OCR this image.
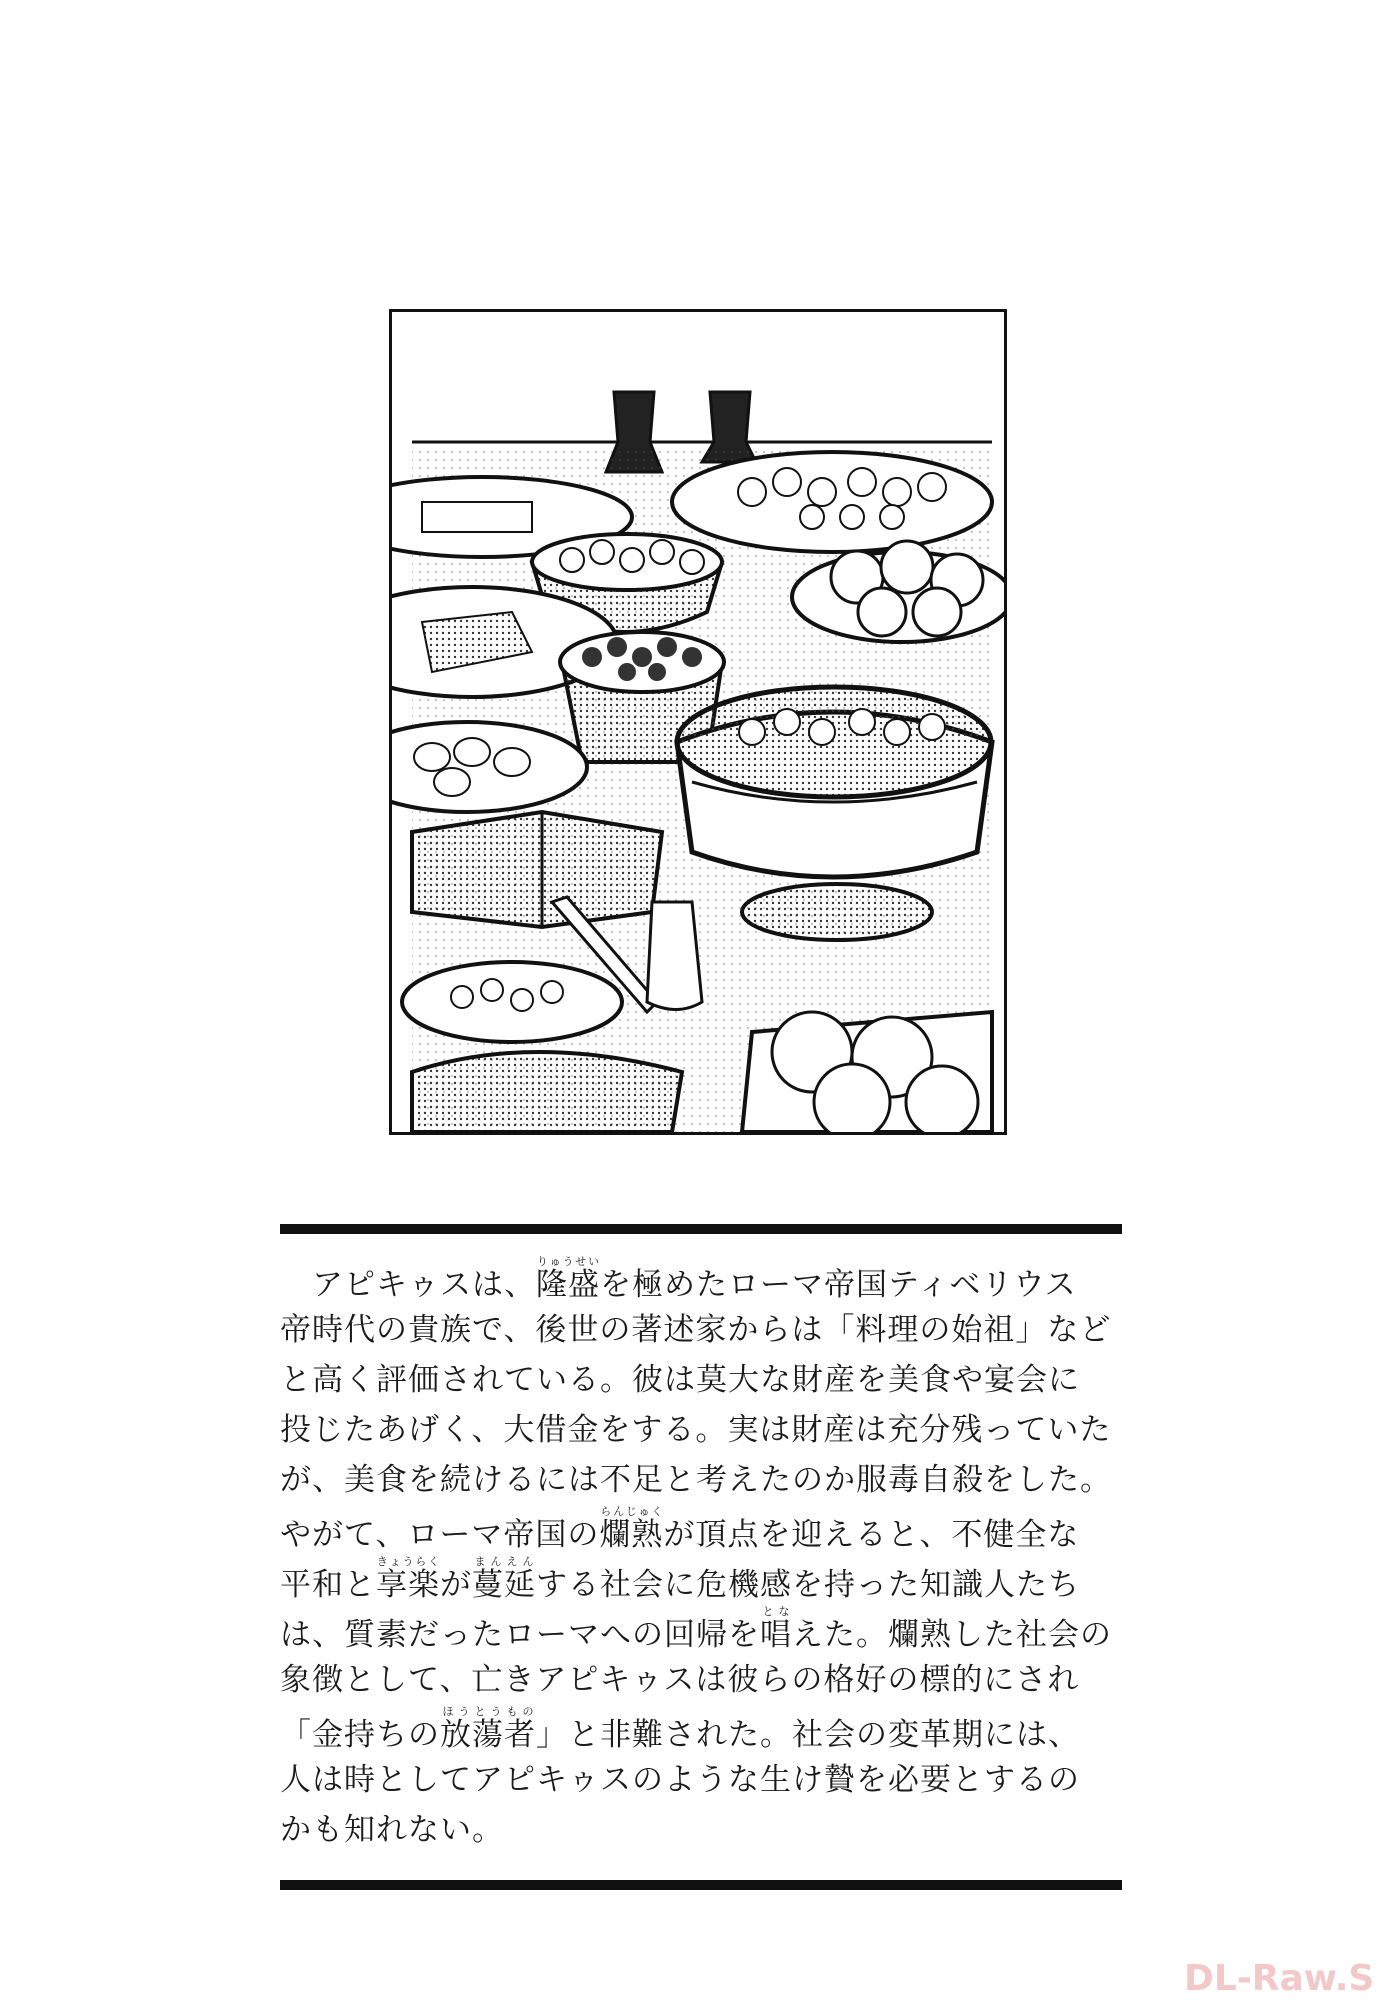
　アピキゥスは、隆盛りゅうせいを極めたローマ帝国ティベリウス
帝時代の貴族で、後世の著述家からは「料理の始祖」など
と高く評価されている。彼は莫大な財産を美食や宴会に
投じたあげく、大借金をする。実は財産は充分残っていた
が、美食を続けるには不足と考えたのか服毒自殺をした。
やがて、ローマ帝国の爛熟らんじゅくが頂点を迎えると、不健全な
平和と享楽きょうらくが蔓延まんえんする社会に危機感を持った知識人たち
は、質素だったローマへの回帰を唱となえた。爛熟した社会の
象徴として、亡きアピキゥスは彼らの格好の標的にされ
「金持ちの放蕩者ほうとうもの」と非難された。社会の変革期には、
人は時としてアピキゥスのような生け贄を必要とするの
かも知れない。
DL-Raw.S
